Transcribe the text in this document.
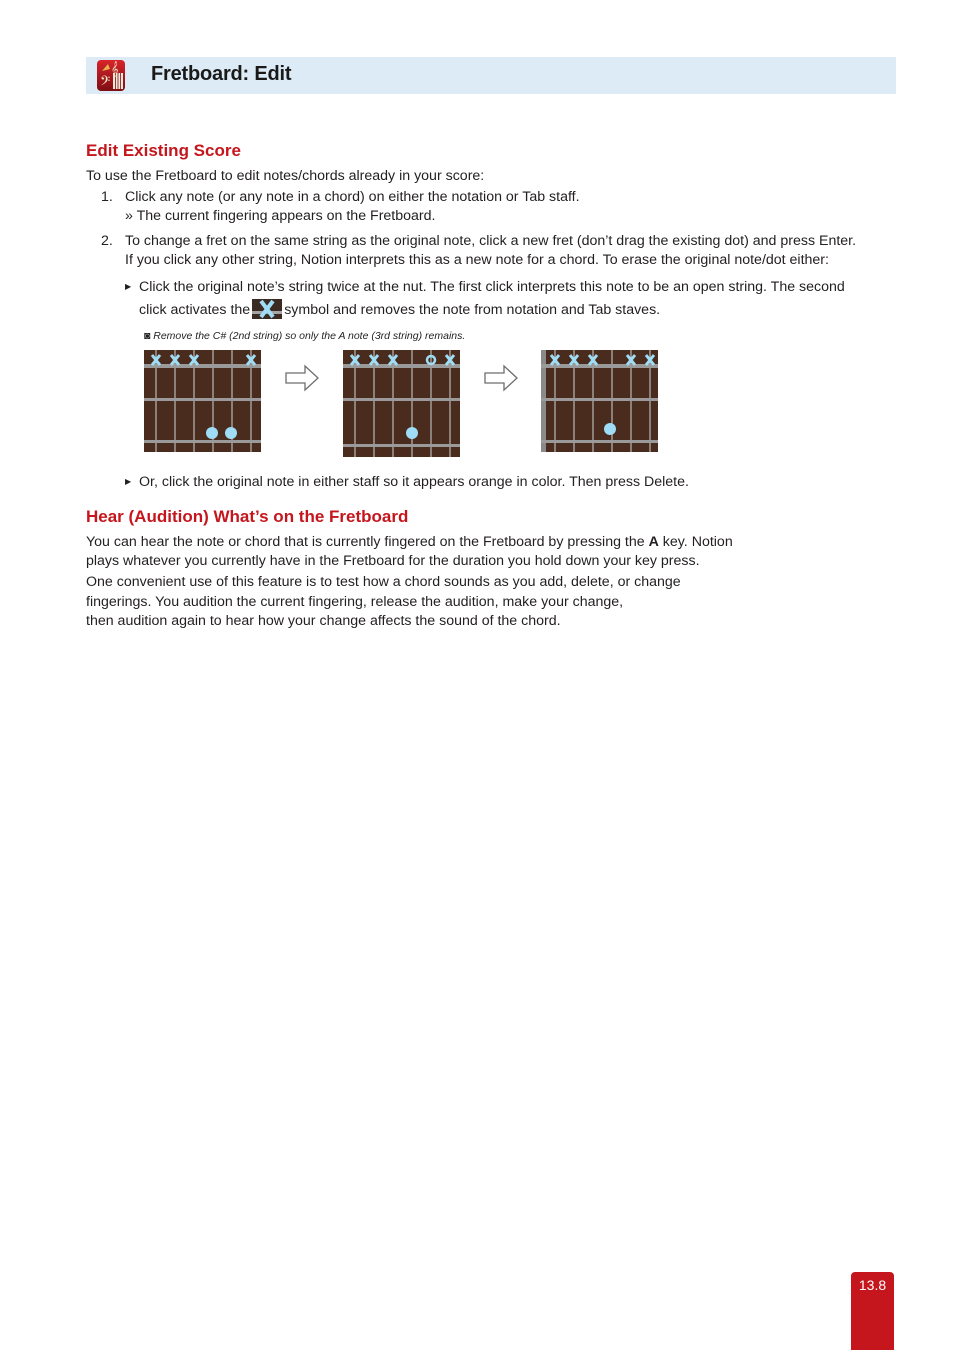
𝄢
𝄞 Fretboard: Edit
Edit Existing Score
To use the Fretboard to edit notes/chords already in your score:
1. Click any note (or any note in a chord) on either the notation or Tab staff.
» The current fingering appears on the Fretboard.
2. To change a fret on the same string as the original note, click a new fret (don’t drag the existing dot) and press Enter.
If you click any other string, Notion interprets this as a new note for a chord. To erase the original note/dot either:
▶ Click the original note’s string twice at the nut. The first click interprets this note to be an open string. The second
click activates the symbol and removes the note from notation and Tab staves.
◙ Remove the C# (2nd string) so only the A note (3rd string) remains.
▶ Or, click the original note in either staff so it appears orange in color. Then press Delete.
Hear (Audition) What’s on the Fretboard
You can hear the note or chord that is currently fingered on the Fretboard by pressing the A key. Notion
plays whatever you currently have in the Fretboard for the duration you hold down your key press.
One convenient use of this feature is to test how a chord sounds as you add, delete, or change
fingerings. You audition the current fingering, release the audition, make your change,
then audition again to hear how your change affects the sound of the chord.
13.8
